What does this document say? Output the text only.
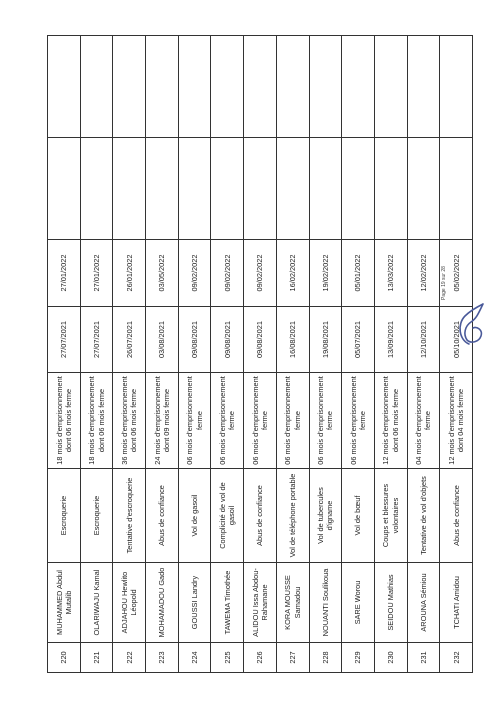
220	MUHAMMED Abdul Mutalib	Escroquerie	18 mois d'emprisonnement dont 06 mois ferme	27/07/2021	27/01/2022		
221	OLARIWAJU Kamal	Escroquerie	18 mois d'emprisonnement dont 06 mois ferme	27/07/2021	27/01/2022		
222	ADJAHOU Hewlito Léopold	Tentative d'escroquerie	36 mois d'emprisonnement dont 06 mois ferme	26/07/2021	26/01/2022		
223	MOHAMADOU Gado	Abus de confiance	24 mois d'emprisonnement dont 09 mois ferme	03/08/2021	03/05/2022		
224	GOUSSI Landry	Vol de gasoil	06 mois d'emprisonnement ferme	09/08/2021	09/02/2022		
225	TAWEMA Timothée	Complicité de vol de gasoil	06 mois d'emprisonnement ferme	09/08/2021	09/02/2022		
226	ALIDOU Issa Abdou-Rahamane	Abus de confiance	06 mois d'emprisonnement ferme	09/08/2021	09/02/2022		
227	KORA MOUSSE Samadou	Vol de téléphone portable	06 mois d'emprisonnement ferme	16/08/2021	16/02/2022		
228	NOUANTI Soulikoua	Vol de tubercules d'igname	06 mois d'emprisonnement ferme	19/08/2021	19/02/2022		
229	SARE Worou	Vol de bœuf	06 mois d'emprisonnement ferme	05/07/2021	05/01/2022		
230	SEIDOU Mathias	Coups et blessures volontaires	12 mois d'emprisonnement dont 06 mois ferme	13/09/2021	13/03/2022		
231	AROUNA Sémiou	Tentative de vol d'objets	04 mois d'emprisonnement ferme	12/10/2021	12/02/2022		
232	TCHATI Amidou	Abus de confiance	12 mois d'emprisonnement dont 04 mois ferme	05/10/2021	05/02/2022		
Page 19 sur 28
